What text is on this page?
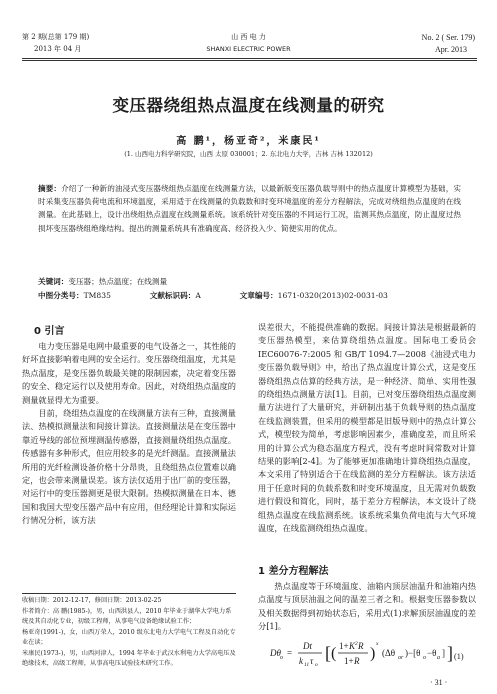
第 2 期(总第 179 期)
2013 年 04 月
山 西 电 力
SHANXI ELECTRIC POWER
No. 2 ( Ser. 179)
Apr. 2013
变压器绕组热点温度在线测量的研究
高 鹏¹，杨亚奇²，米康民¹
(1. 山西电力科学研究院，山西 太原 030001；2. 东北电力大学，吉林 吉林 132012)
摘要：介绍了一种新的油浸式变压器绕组热点温度在线测量方法，以最新版变压器负载导则中的热点温度计算模型为基础，实时采集变压器负荷电流和环境温度，采用适于在线测量的负载数和时变环境温度的差分方程解法，完成对绕组热点温度的在线测量。在此基础上，设计出绕组热点温度在线测量系统。该系统针对变压器的不同运行工况，监测其热点温度，防止温度过热损坏变压器绕组绝缘结构。提出的测量系统具有准确度高、经济投入少、简便实用的优点。
关键词：变压器；热点温度；在线测量
中图分类号：TM835	文献标识码：A	文章编号：1671-0320(2013)02-0031-03
0 引言

电力变压器是电网中最重要的电气设备之一，其性能的好坏直接影响着电网的安全运行。变压器绕组温度，尤其是热点温度，是变压器负载最关键的限制因素，决定着变压器的安全、稳定运行以及使用寿命。因此，对绕组热点温度的测量就显得尤为重要。

目前，绕组热点温度的在线测量方法有三种，直接测量法、热模拟测量法和间接计算法。直接测量法是在变压器中靠近导线的部位预埋测温传感器，直接测量绕组热点温度。传感器有多种形式，但应用较多的是光纤测温。直接测量法所用的光纤检测设备价格十分昂贵，且绕组热点位置难以确定，也会带来测量误差。该方法仅适用于出厂前的变压器，对运行中的变压器测更是很大限制。热模拟测量在日本、德国和我国大型变压器产品中有应用，但经理论计算和实际运行情况分析，该方法

收稿日期：2012-12-17，修回日期：2013-02-25

作者简介：高 鹏(1985-)，男，山西洪县人，2010 年毕业于湖华大学电力系统及其自动化专业，初级工程师，从事电气设备绝缘试验工作；

杨亚奇(1991-)，女，山西万荣人，2010 级东北电力大学电气工程及自动化专业在读；

米康民(1973-)，男，山西河津人，1994 年毕业于武汉水利电力大学高电压及绝缘技术，高级工程师，从事高电压试验技术研究工作。

误差很大，不能提供准确的数据。间接计算法是根据最新的变压器热模型，来估算绕组热点温度。国际电工委员会IEC60076-7:2005 和 GB/T 1094.7—2008《油浸式电力变压器负载导则》中，给出了热点温度计算公式，这是变压器绕组热点估算的经典方法，是一种经济、简单、实用性强的绕组热点测量方法[1]。目前，已对变压器绕组热点温度测量方法进行了大量研究，并研制出基于负载导则的热点温度在线监测装置，但采用的模型都是旧版导则中的热点计算公式，模型较为简单，考虑影响因素少，准确度差，而且所采用的计算公式为稳态温度方程式，没有考虑时间常数对计算结果的影响[2-4]。为了能够更加准确地计算绕组热点温度，本文采用了特别适合于在线监测的差分方程解法。该方法适用于任意时间的负载系数和时变环境温度，且无需对负载数进行假设和简化，同时，基于差分方程解法，本文设计了绕组热点温度在线监测系统。该系统采集负荷电流与大气环境温度，在线监测绕组热点温度。

1 差分方程解法

热点温度等于环境温度、油箱内顶层油温升和油箱内热点温度与顶层油温之间的温差三者之和。根据变压器参数以及相关数据得到初始状态后，采用式(1)求解顶层油温度的差分[1]。

Dθ o =
Dt
k 11 τ o
[ ( 1+ K 2 R
1+ R )
x
(Δθ or )−[θ o −θ a ] ] (1)
· 31 ·
